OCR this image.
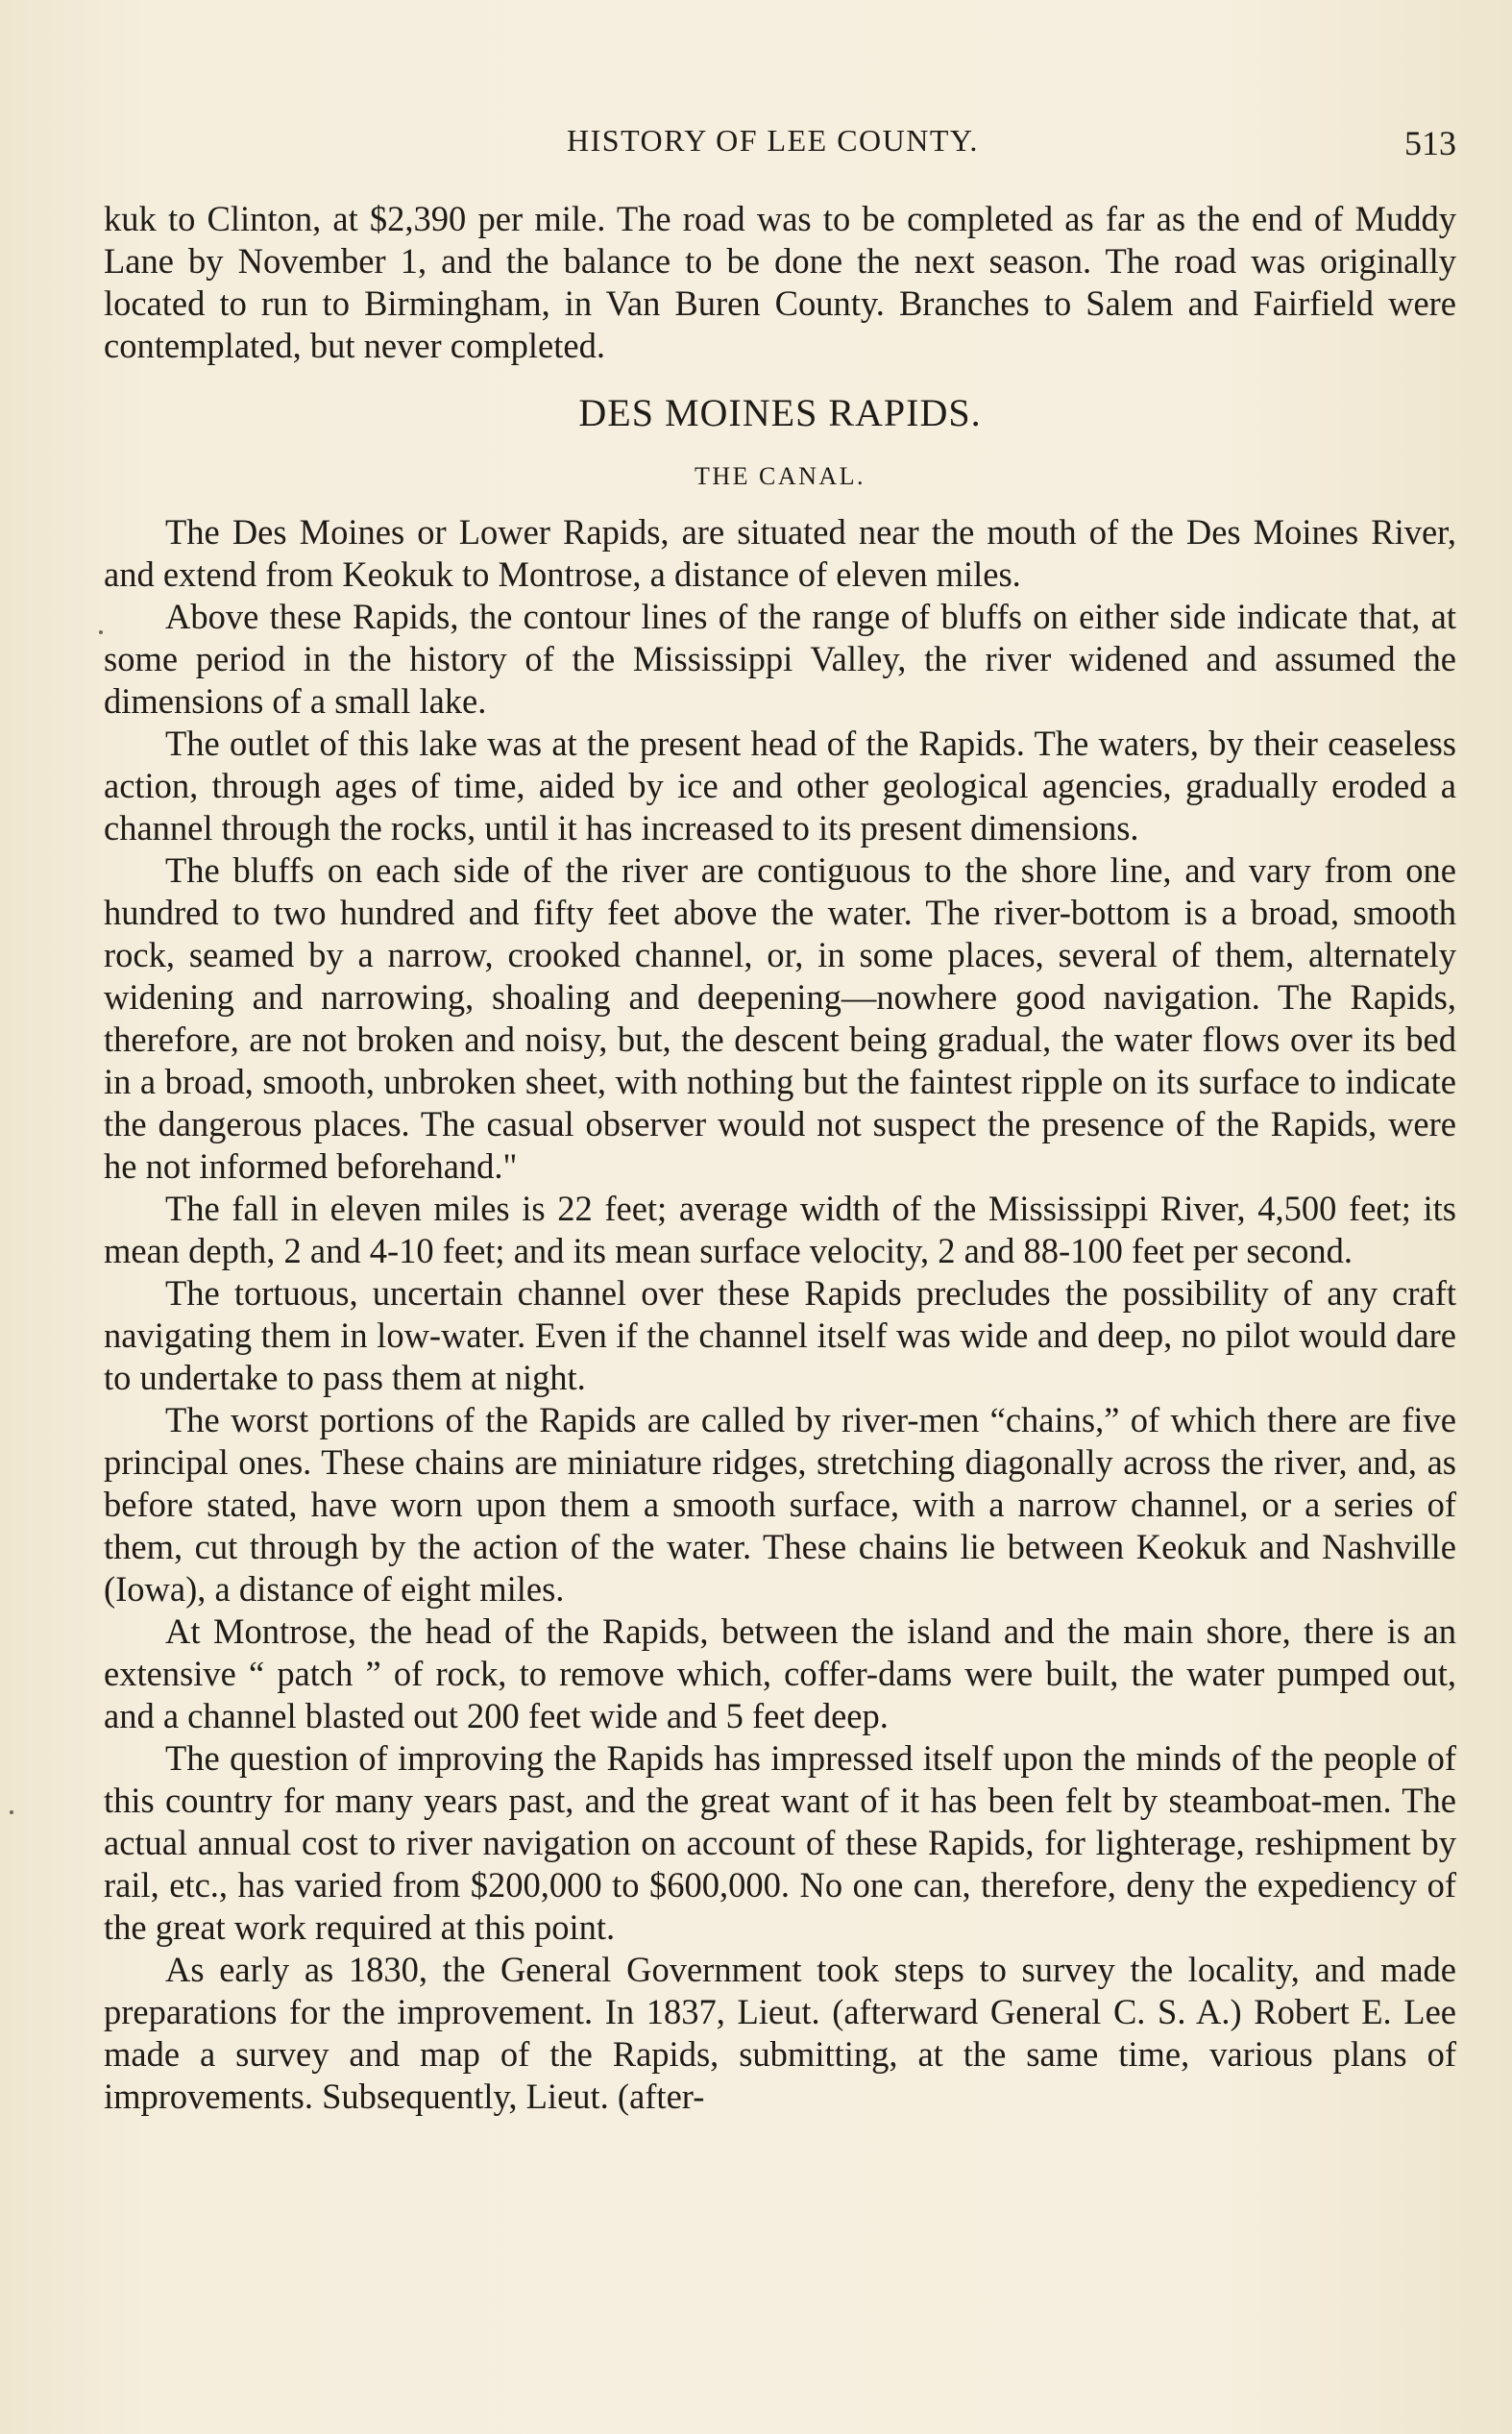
HISTORY OF LEE COUNTY.	513

kuk to Clinton, at $2,390 per mile. The road was to be completed as far as the end of Muddy Lane by November 1, and the balance to be done the next season. The road was originally located to run to Birmingham, in Van Buren County. Branches to Salem and Fairfield were contemplated, but never completed.

DES MOINES RAPIDS.

THE CANAL.

The Des Moines or Lower Rapids, are situated near the mouth of the Des Moines River, and extend from Keokuk to Montrose, a distance of eleven miles.

Above these Rapids, the contour lines of the range of bluffs on either side indicate that, at some period in the history of the Mississippi Valley, the river widened and assumed the dimensions of a small lake.

The outlet of this lake was at the present head of the Rapids. The waters, by their ceaseless action, through ages of time, aided by ice and other geological agencies, gradually eroded a channel through the rocks, until it has increased to its present dimensions.

The bluffs on each side of the river are contiguous to the shore line, and vary from one hundred to two hundred and fifty feet above the water. The river-bottom is a broad, smooth rock, seamed by a narrow, crooked channel, or, in some places, several of them, alternately widening and narrowing, shoaling and deepening—nowhere good navigation. The Rapids, therefore, are not broken and noisy, but, the descent being gradual, the water flows over its bed in a broad, smooth, unbroken sheet, with nothing but the faintest ripple on its surface to indicate the dangerous places. The casual observer would not suspect the presence of the Rapids, were he not informed beforehand."

The fall in eleven miles is 22 feet; average width of the Mississippi River, 4,500 feet; its mean depth, 2 and 4-10 feet; and its mean surface velocity, 2 and 88-100 feet per second.

The tortuous, uncertain channel over these Rapids precludes the possibility of any craft navigating them in low-water. Even if the channel itself was wide and deep, no pilot would dare to undertake to pass them at night.

The worst portions of the Rapids are called by river-men “chains,” of which there are five principal ones. These chains are miniature ridges, stretching diagonally across the river, and, as before stated, have worn upon them a smooth surface, with a narrow channel, or a series of them, cut through by the action of the water. These chains lie between Keokuk and Nashville (Iowa), a distance of eight miles.

At Montrose, the head of the Rapids, between the island and the main shore, there is an extensive “ patch ” of rock, to remove which, coffer-dams were built, the water pumped out, and a channel blasted out 200 feet wide and 5 feet deep.

The question of improving the Rapids has impressed itself upon the minds of the people of this country for many years past, and the great want of it has been felt by steamboat-men. The actual annual cost to river navigation on account of these Rapids, for lighterage, reshipment by rail, etc., has varied from $200,000 to $600,000. No one can, therefore, deny the expediency of the great work required at this point.

As early as 1830, the General Government took steps to survey the locality, and made preparations for the improvement. In 1837, Lieut. (afterward General C. S. A.) Robert E. Lee made a survey and map of the Rapids, submitting, at the same time, various plans of improvements. Subsequently, Lieut. (after-
